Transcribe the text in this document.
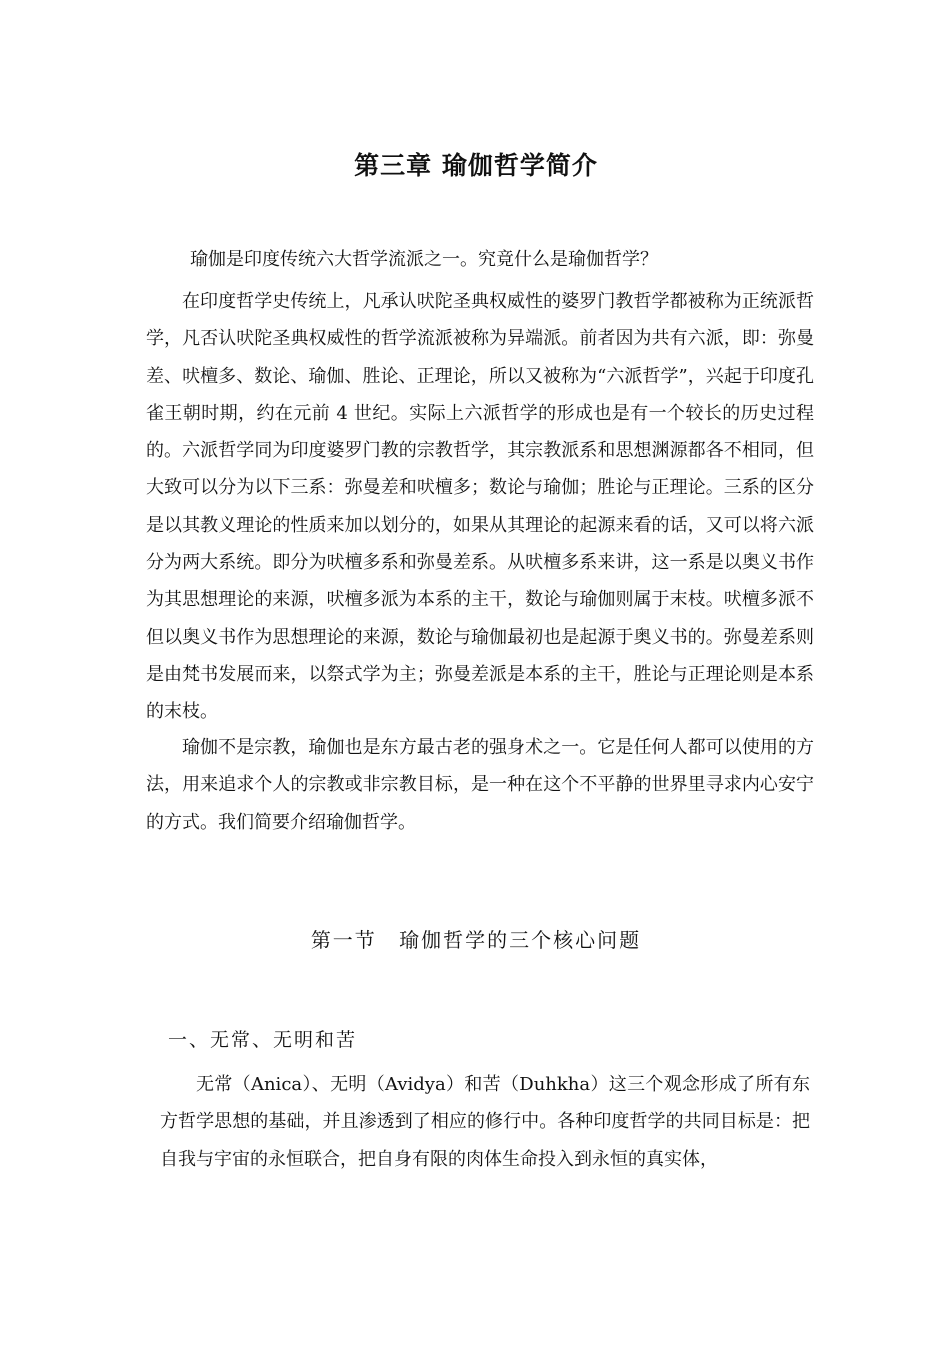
第三章 瑜伽哲学简介
瑜伽是印度传统六大哲学流派之一。究竟什么是瑜伽哲学？

在印度哲学史传统上，凡承认吠陀圣典权威性的婆罗门教哲学都被称为正统派哲学，凡否认吠陀圣典权威性的哲学流派被称为异端派。前者因为共有六派，即：弥曼差、吠檀多、数论、瑜伽、胜论、正理论，所以又被称为“六派哲学”，兴起于印度孔雀王朝时期，约在元前 4 世纪。实际上六派哲学的形成也是有一个较长的历史过程的。六派哲学同为印度婆罗门教的宗教哲学，其宗教派系和思想渊源都各不相同，但大致可以分为以下三系：弥曼差和吠檀多；数论与瑜伽；胜论与正理论。三系的区分是以其教义理论的性质来加以划分的，如果从其理论的起源来看的话，又可以将六派分为两大系统。即分为吠檀多系和弥曼差系。从吠檀多系来讲，这一系是以奥义书作为其思想理论的来源，吠檀多派为本系的主干，数论与瑜伽则属于末枝。吠檀多派不但以奥义书作为思想理论的来源，数论与瑜伽最初也是起源于奥义书的。弥曼差系则是由梵书发展而来，以祭式学为主；弥曼差派是本系的主干，胜论与正理论则是本系的末枝。

瑜伽不是宗教，瑜伽也是东方最古老的强身术之一。它是任何人都可以使用的方法，用来追求个人的宗教或非宗教目标，是一种在这个不平静的世界里寻求内心安宁的方式。我们简要介绍瑜伽哲学。

第一节 瑜伽哲学的三个核心问题
一、无常、无明和苦

无常（Anica）、无明（Avidya）和苦（Duhkha）这三个观念形成了所有东方哲学思想的基础，并且渗透到了相应的修行中。各种印度哲学的共同目标是：把自我与宇宙的永恒联合，把自身有限的肉体生命投入到永恒的真实体，
